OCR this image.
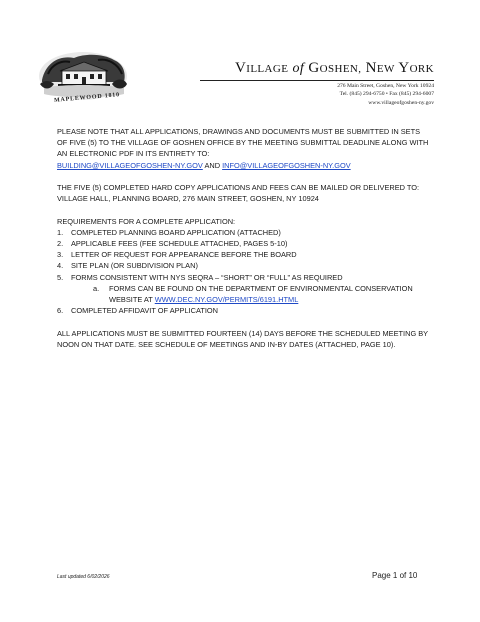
MAPLEWOOD 1810
VILLAGE of GOSHEN, NEW YORK
276 Main Street, Goshen, New York 10924
Tel. (845) 294-6750 • Fax (845) 294-6007
www.villageofgoshen-ny.gov

PLEASE NOTE THAT ALL APPLICATIONS, DRAWINGS AND DOCUMENTS MUST BE SUBMITTED IN SETS OF FIVE (5) TO THE VILLAGE OF GOSHEN OFFICE BY THE MEETING SUBMITTAL DEADLINE ALONG WITH AN ELECTRONIC PDF IN ITS ENTIRETY TO:
BUILDING@VILLAGEOFGOSHEN-NY.GOV AND INFO@VILLAGEOFGOSHEN-NY.GOV

THE FIVE (5) COMPLETED HARD COPY APPLICATIONS AND FEES CAN BE MAILED OR DELIVERED TO: VILLAGE HALL, PLANNING BOARD, 276 MAIN STREET, GOSHEN, NY 10924

REQUIREMENTS FOR A COMPLETE APPLICATION:

1. COMPLETED PLANNING BOARD APPLICATION (ATTACHED)
2. APPLICABLE FEES (FEE SCHEDULE ATTACHED, PAGES 5-10)
3. LETTER OF REQUEST FOR APPEARANCE BEFORE THE BOARD
4. SITE PLAN (OR SUBDIVISION PLAN)
5. FORMS CONSISTENT WITH NYS SEQRA – “SHORT” OR “FULL” AS REQUIRED
a. FORMS CAN BE FOUND ON THE DEPARTMENT OF ENVIRONMENTAL CONSERVATION WEBSITE AT WWW.DEC.NY.GOV/PERMITS/6191.HTML
6. COMPLETED AFFIDAVIT OF APPLICATION

ALL APPLICATIONS MUST BE SUBMITTED FOURTEEN (14) DAYS BEFORE THE SCHEDULED MEETING BY NOON ON THAT DATE. SEE SCHEDULE OF MEETINGS AND IN-BY DATES (ATTACHED, PAGE 10).

Last updated 6/02/2026	Page 1 of 10
